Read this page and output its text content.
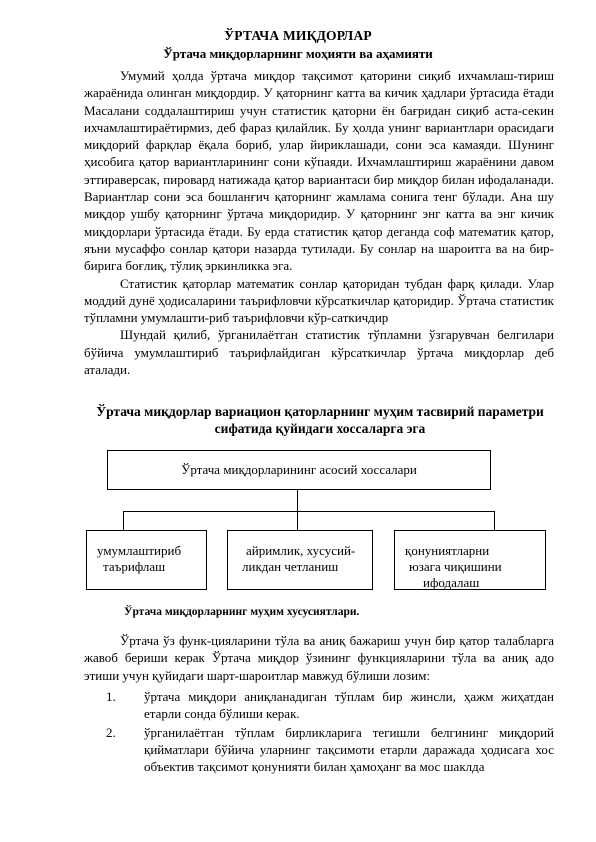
ЎРТАЧА МИҚДОРЛАР
Ўртача миқдорларнинг моҳияти ва аҳамияти

Умумий ҳолда ўртача миқдор тақсимот қаторини сиқиб ихчамлаш-тириш жараёнида олинган миқдордир. У қаторнинг катта ва кичик ҳадлари ўртасида ётади Масалани соддалаштириш учун статистик қаторни ён бағридан сиқиб аста-секин ихчамлаштираётирмиз, деб фараз қилайлик. Бу ҳолда унинг вариантлари орасидаги миқдорий фарқлар ёқала бориб, улар йириклашади, сони эса камаяди. Шунинг ҳисобига қатор вариантларининг сони кўпаяди. Ихчамлаштириш жараёнини давом эттираверсак, пировард натижада қатор вариантаси бир миқдор билан ифодаланади. Вариантлар сони эса бошланғич қаторнинг жамлама сонига тенг бўлади. Ана шу миқдор ушбу қаторнинг ўртача миқдоридир. У қаторнинг энг катта ва энг кичик миқдорлари ўртасида ётади. Бу ерда статистик қатор деганда соф математик қатор, яъни мусаффо сонлар қатори назарда тутилади. Бу сонлар на шароитга ва на бир-бирига боғлиқ, тўлиқ эркинликка эга.

Статистик қаторлар математик сонлар қаторидан тубдан фарқ қилади. Улар моддий дунё ҳодисаларини таърифловчи кўрсаткичлар қаторидир. Ўртача статистик тўпламни умумлашти-риб таърифловчи кўр-саткичдир

Шундай қилиб, ўрганилаётган статистик тўпламни ўзгарувчан белгилари бўйича умумлаштириб таърифлайдиган кўрсаткичлар ўртача миқдорлар деб аталади.

Ўртача миқдорлар вариацион қаторларнинг муҳим тасвирий параметри сифатида қуйидаги хоссаларга эга
Ўртача миқдорларининг асосий хоссалари
умумлаштириб
таърифлаш
айримлик, хусусий-
ликдан четланиш
қонуниятларни
юзага чиқишини
ифодалаш
Ўртача миқдорларнинг муҳим хусусиятлари.

Ўртача ўз функ-цияларини тўла ва аниқ бажариш учун бир қатор талабларга жавоб бериши керак Ўртача миқдор ўзининг функцияларини тўла ва аниқ адо этиши учун қуйидаги шарт-шароитлар мавжуд бўлиши лозим:

1. ўртача миқдори аниқланадиган тўплам бир жинсли, ҳажм жиҳатдан етарли сонда бўлиши керак.
2. ўрганилаётган тўплам бирликларига тегишли белгининг миқдорий қийматлари бўйича уларнинг тақсимоти етарли даражада ҳодисага хос объектив тақсимот қонунияти билан ҳамоҳанг ва мос шаклда
